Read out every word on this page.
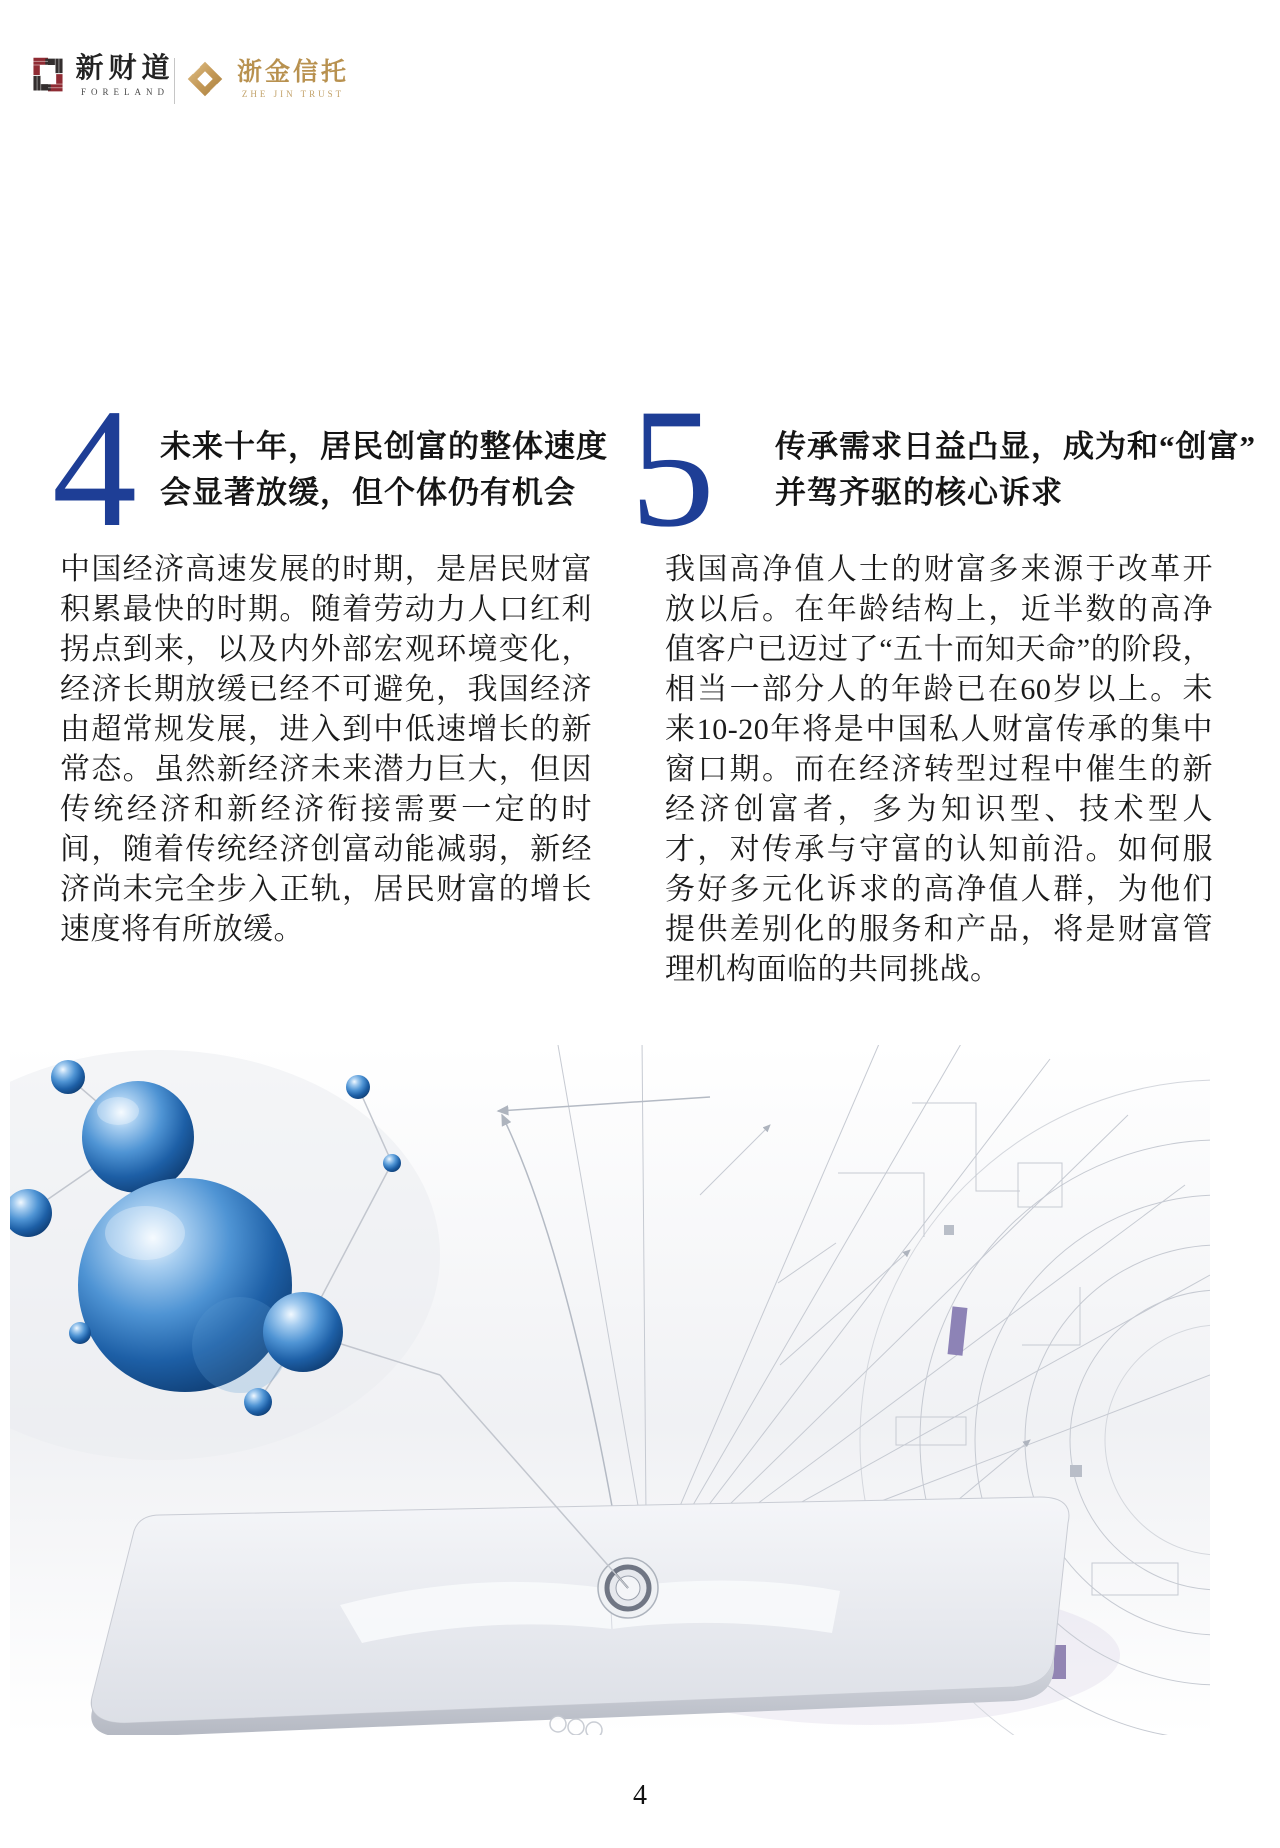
新财道
FORELAND
浙金信托
ZHE JIN TRUST
4 未来十年，居民创富的整体速度
会显著放缓，但个体仍有机会
中国经济高速发展的时期，是居民财富积累最快的时期。随着劳动力人口红利拐点到来，以及内外部宏观环境变化，经济长期放缓已经不可避免，我国经济由超常规发展，进入到中低速增长的新常态。虽然新经济未来潜力巨大，但因传统经济和新经济衔接需要一定的时间，随着传统经济创富动能减弱，新经济尚未完全步入正轨，居民财富的增长速度将有所放缓。
5 传承需求日益凸显，成为和“创富”
并驾齐驱的核心诉求
我国高净值人士的财富多来源于改革开放以后。在年龄结构上，近半数的高净值客户已迈过了“五十而知天命”的阶段，相当一部分人的年龄已在60岁以上。未来10-20年将是中国私人财富传承的集中窗口期。而在经济转型过程中催生的新经济创富者，多为知识型、技术型人才，对传承与守富的认知前沿。如何服务好多元化诉求的高净值人群，为他们提供差别化的服务和产品，将是财富管理机构面临的共同挑战。
4
